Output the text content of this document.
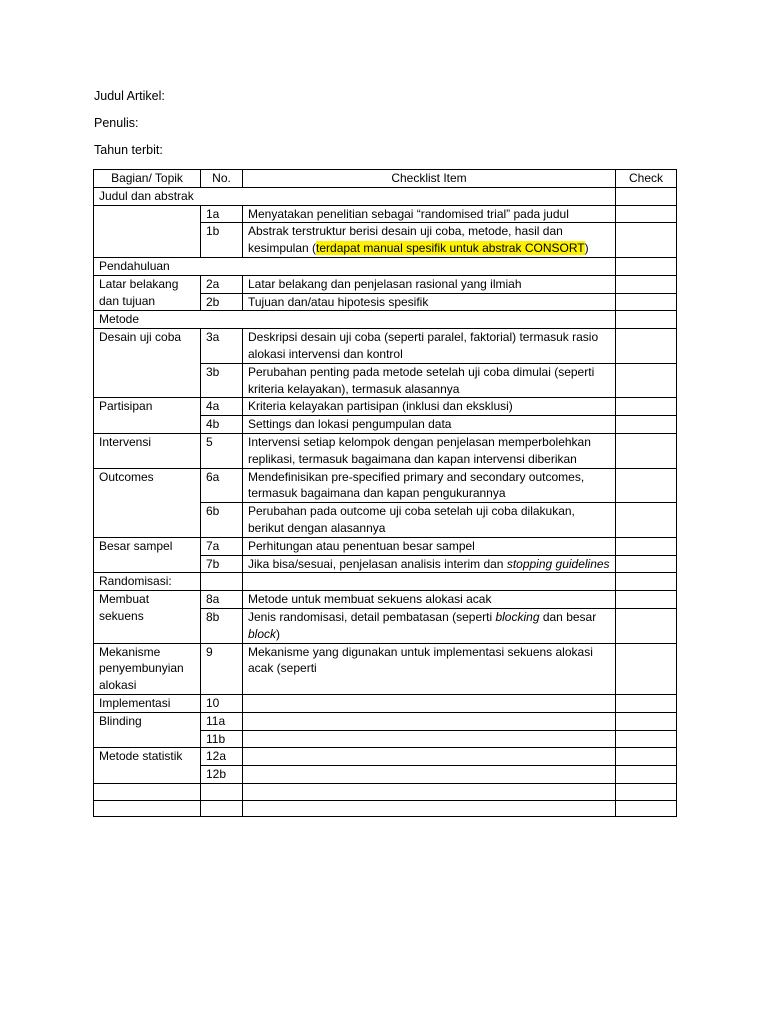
Judul Artikel:
Penulis:
Tahun terbit:
Bagian/ Topik	No.	Checklist Item	Check
Judul dan abstrak			
	1a	Menyatakan penelitian sebagai “randomised trial” pada judul	
	1b	Abstrak terstruktur berisi desain uji coba, metode, hasil dan kesimpulan (terdapat manual spesifik untuk abstrak CONSORT)	
Pendahuluan			
Latar belakang dan tujuan	2a	Latar belakang dan penjelasan rasional yang ilmiah	
	2b	Tujuan dan/atau hipotesis spesifik	
Metode			
Desain uji coba	3a	Deskripsi desain uji coba (seperti paralel, faktorial) termasuk rasio alokasi intervensi dan kontrol	
	3b	Perubahan penting pada metode setelah uji coba dimulai (seperti kriteria kelayakan), termasuk alasannya	
Partisipan	4a	Kriteria kelayakan partisipan (inklusi dan eksklusi)	
	4b	Settings dan lokasi pengumpulan data	
Intervensi	5	Intervensi setiap kelompok dengan penjelasan memperbolehkan replikasi, termasuk bagaimana dan kapan intervensi diberikan	
Outcomes	6a	Mendefinisikan pre-specified primary and secondary outcomes, termasuk bagaimana dan kapan pengukurannya	
	6b	Perubahan pada outcome uji coba setelah uji coba dilakukan, berikut dengan alasannya	
Besar sampel	7a	Perhitungan atau penentuan besar sampel	
	7b	Jika bisa/sesuai, penjelasan analisis interim dan stopping guidelines	
Randomisasi:			
Membuat sekuens	8a	Metode untuk membuat sekuens alokasi acak	
	8b	Jenis randomisasi, detail pembatasan (seperti blocking dan besar block)	
Mekanisme penyembunyian alokasi	9	Mekanisme yang digunakan untuk implementasi sekuens alokasi acak (seperti	
Implementasi	10		
Blinding	11a		
	11b		
Metode statistik	12a		
	12b		
